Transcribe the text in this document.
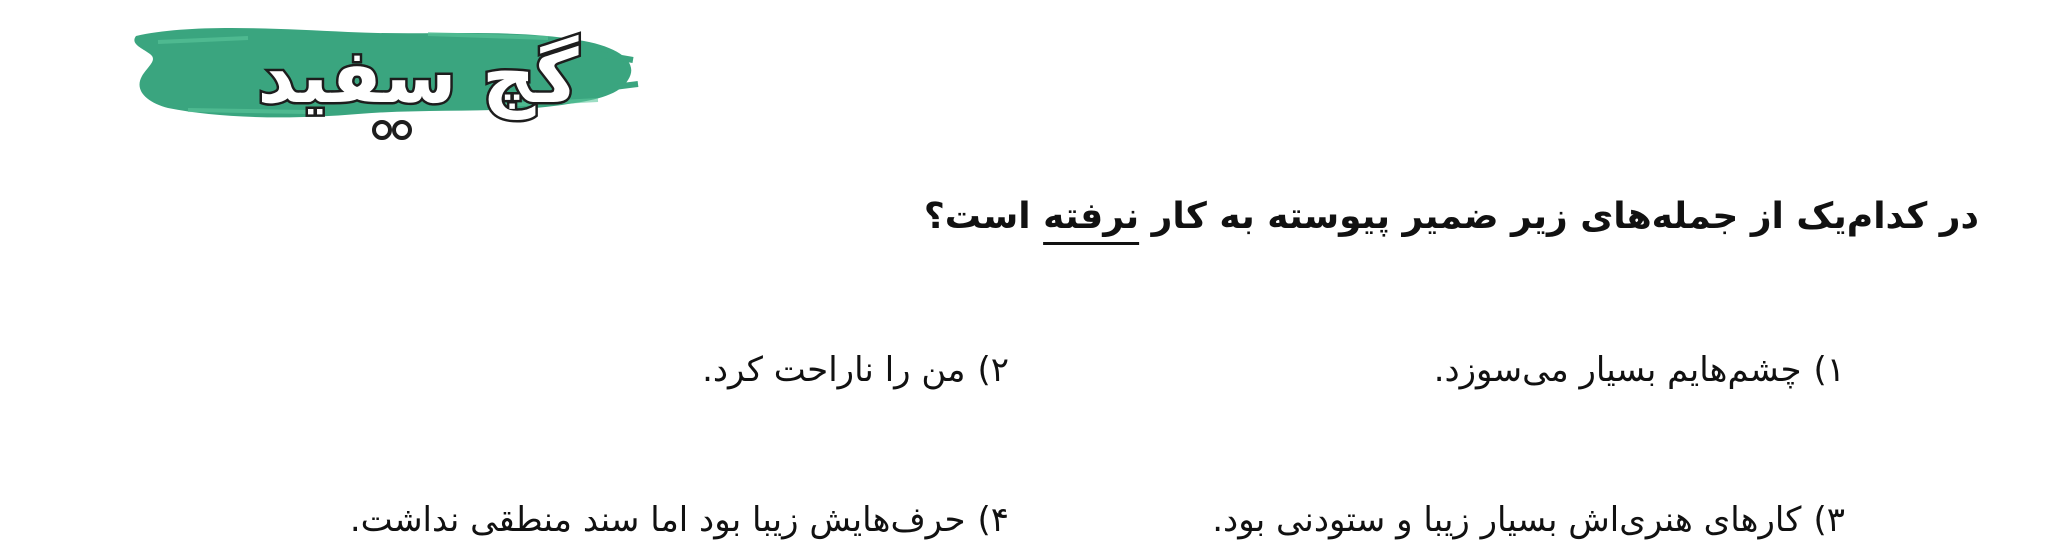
گچ سفید
در کدام‌یک از جمله‌های زیر ضمیر پیوسته به کار نرفته است؟
۱)چشم‌هایم بسیار می‌سوزد.
۲)من را ناراحت کرد.
۳)کارهای هنری‌اش بسیار زیبا و ستودنی بود.
۴)حرف‌هایش زیبا بود اما سند منطقی نداشت.
